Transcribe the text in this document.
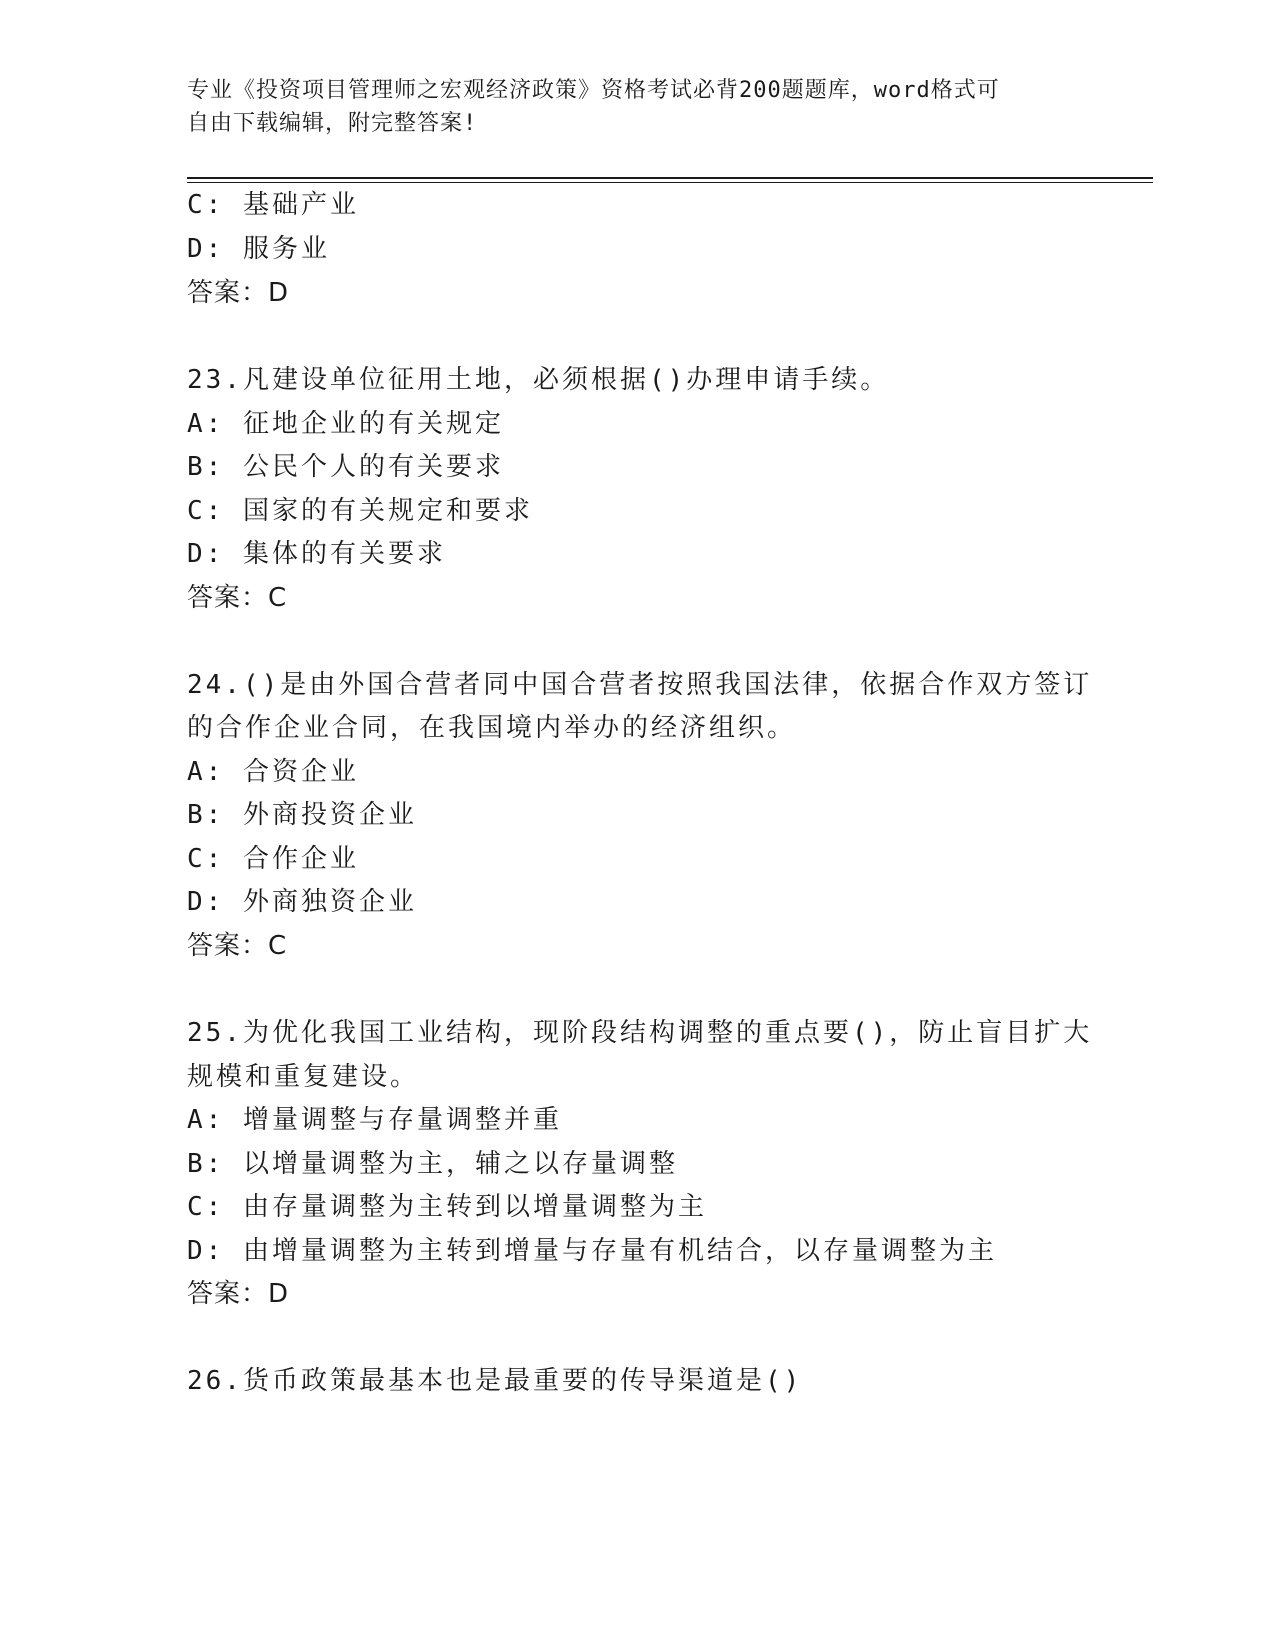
专业《投资项目管理师之宏观经济政策》资格考试必背200题题库，word格式可
自由下载编辑，附完整答案!
C: 基础产业
D: 服务业
答案：D
23.凡建设单位征用土地，必须根据()办理申请手续。
A: 征地企业的有关规定
B: 公民个人的有关要求
C: 国家的有关规定和要求
D: 集体的有关要求
答案：C
24.()是由外国合营者同中国合营者按照我国法律，依据合作双方签订
的合作企业合同，在我国境内举办的经济组织。
A: 合资企业
B: 外商投资企业
C: 合作企业
D: 外商独资企业
答案：C
25.为优化我国工业结构，现阶段结构调整的重点要()，防止盲目扩大
规模和重复建设。
A: 增量调整与存量调整并重
B: 以增量调整为主，辅之以存量调整
C: 由存量调整为主转到以增量调整为主
D: 由增量调整为主转到增量与存量有机结合，以存量调整为主
答案：D
26.货币政策最基本也是最重要的传导渠道是()
